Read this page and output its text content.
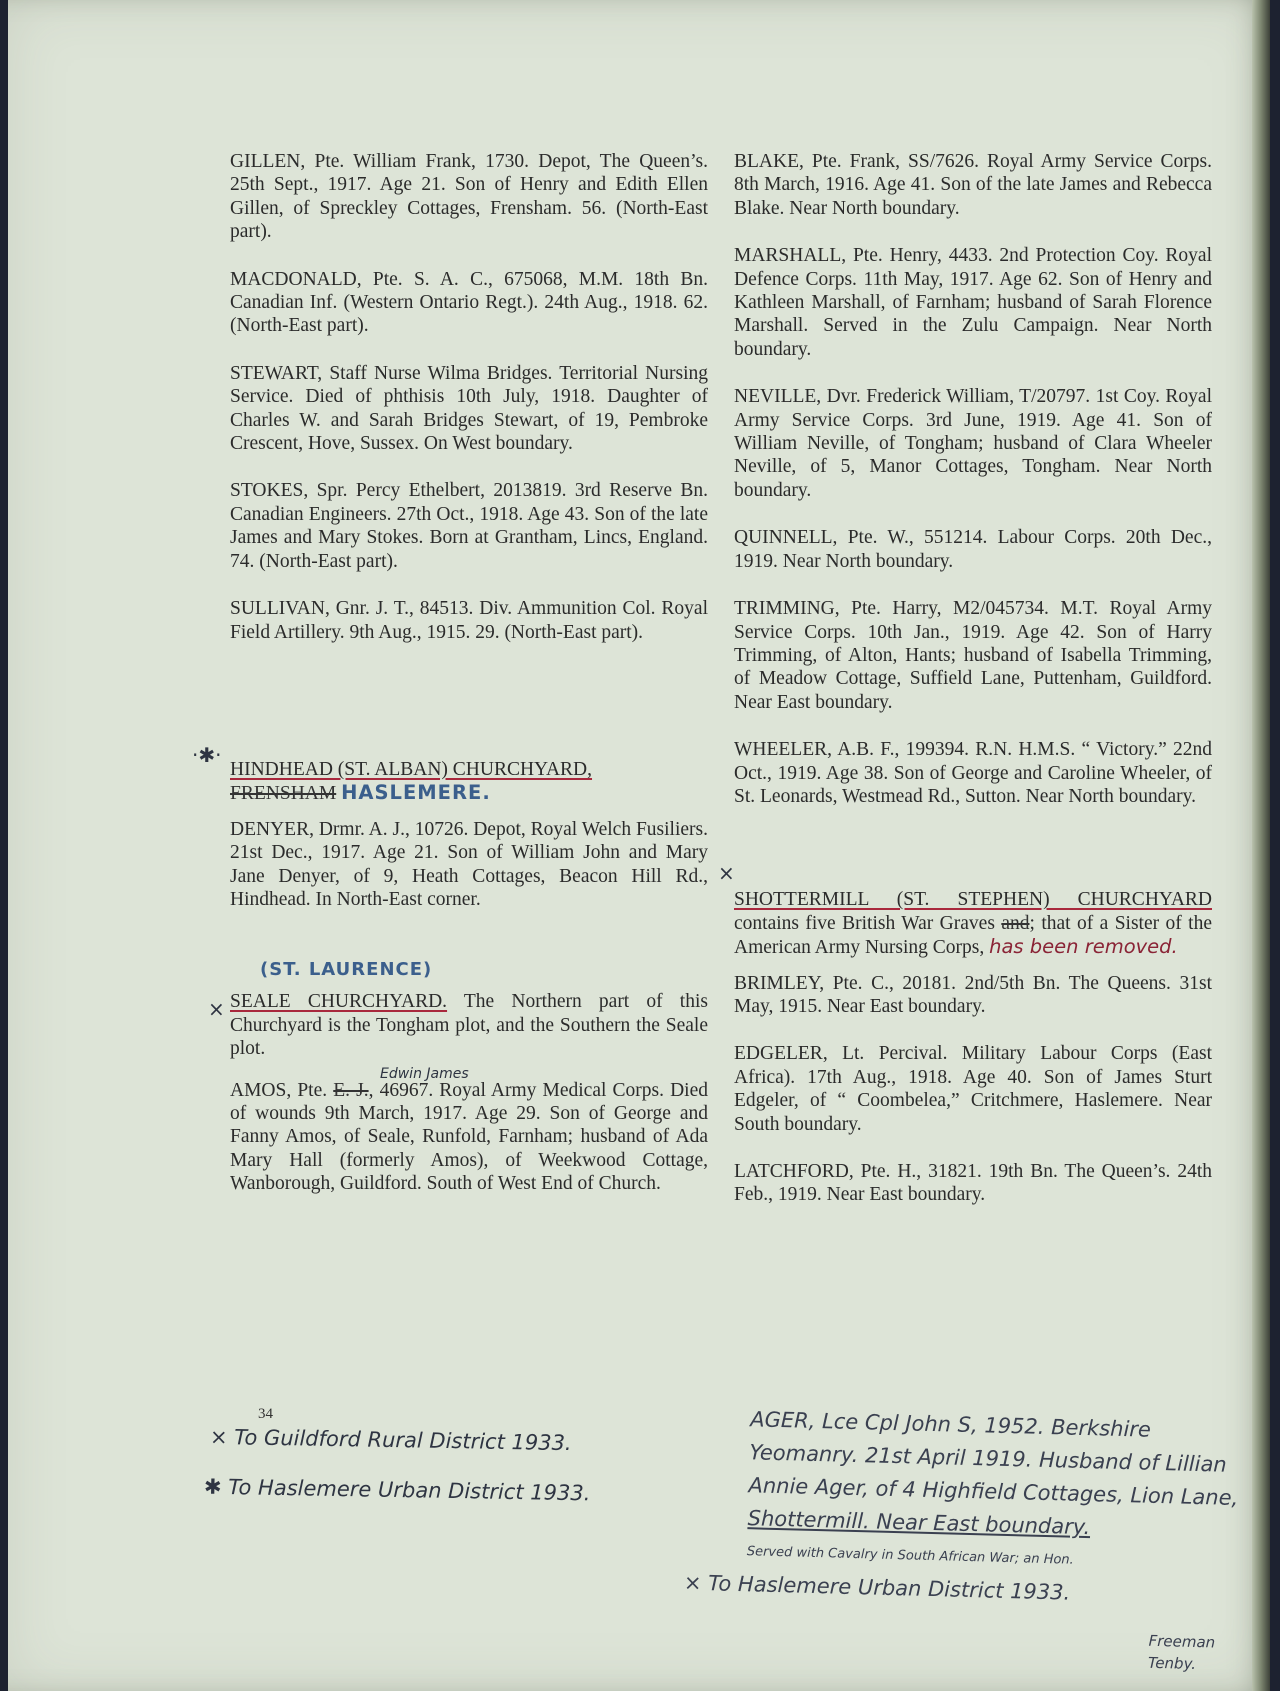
GILLEN, Pte. William Frank, 1730. Depot, The Queen’s. 25th Sept., 1917. Age 21. Son of Henry and Edith Ellen Gillen, of Spreckley Cottages, Frensham. 56. (North-East part).

MACDONALD, Pte. S. A. C., 675068, M.M. 18th Bn. Canadian Inf. (Western Ontario Regt.). 24th Aug., 1918. 62. (North-East part).

STEWART, Staff Nurse Wilma Bridges. Territorial Nursing Service. Died of phthisis 10th July, 1918. Daughter of Charles W. and Sarah Bridges Stewart, of 19, Pembroke Crescent, Hove, Sussex. On West boundary.

STOKES, Spr. Percy Ethelbert, 2013819. 3rd Reserve Bn. Canadian Engineers. 27th Oct., 1918. Age 43. Son of the late James and Mary Stokes. Born at Grantham, Lincs, England. 74. (North-East part).

SULLIVAN, Gnr. J. T., 84513. Div. Ammunition Col. Royal Field Artillery. 9th Aug., 1915. 29. (North-East part).

·✱·
HINDHEAD (ST. ALBAN) CHURCHYARD,
FRENSHAM HASLEMERE.

DENYER, Drmr. A. J., 10726. Depot, Royal Welch Fusiliers. 21st Dec., 1917. Age 21. Son of William John and Mary Jane Denyer, of 9, Heath Cottages, Beacon Hill Rd., Hindhead. In North-East corner.

×
(ST. LAURENCE)
SEALE CHURCHYARD. The Northern part of this Churchyard is the Tongham plot, and the Southern the Seale plot.

Edwin James
AMOS, Pte. E. J., 46967. Royal Army Medical Corps. Died of wounds 9th March, 1917. Age 29. Son of George and Fanny Amos, of Seale, Runfold, Farnham; husband of Ada Mary Hall (formerly Amos), of Weekwood Cottage, Wanborough, Guildford. South of West End of Church.

34
× To Guildford Rural District 1933.
✱ To Haslemere Urban District 1933.

BLAKE, Pte. Frank, SS/7626. Royal Army Service Corps. 8th March, 1916. Age 41. Son of the late James and Rebecca Blake. Near North boundary.

MARSHALL, Pte. Henry, 4433. 2nd Protection Coy. Royal Defence Corps. 11th May, 1917. Age 62. Son of Henry and Kathleen Marshall, of Farnham; husband of Sarah Florence Marshall. Served in the Zulu Campaign. Near North boundary.

NEVILLE, Dvr. Frederick William, T/20797. 1st Coy. Royal Army Service Corps. 3rd June, 1919. Age 41. Son of William Neville, of Tongham; husband of Clara Wheeler Neville, of 5, Manor Cottages, Tongham. Near North boundary.

QUINNELL, Pte. W., 551214. Labour Corps. 20th Dec., 1919. Near North boundary.

TRIMMING, Pte. Harry, M2/045734. M.T. Royal Army Service Corps. 10th Jan., 1919. Age 42. Son of Harry Trimming, of Alton, Hants; husband of Isabella Trimming, of Meadow Cottage, Suffield Lane, Puttenham, Guildford. Near East boundary.

WHEELER, A.B. F., 199394. R.N. H.M.S. “ Victory.” 22nd Oct., 1919. Age 38. Son of George and Caroline Wheeler, of St. Leonards, Westmead Rd., Sutton. Near North boundary.

×
SHOTTERMILL (ST. STEPHEN) CHURCHYARD contains five British War Graves and; that of a Sister of the American Army Nursing Corps, has been removed.

BRIMLEY, Pte. C., 20181. 2nd/5th Bn. The Queens. 31st May, 1915. Near East boundary.

EDGELER, Lt. Percival. Military Labour Corps (East Africa). 17th Aug., 1918. Age 40. Son of James Sturt Edgeler, of “ Coombelea,” Critchmere, Haslemere. Near South boundary.

LATCHFORD, Pte. H., 31821. 19th Bn. The Queen’s. 24th Feb., 1919. Near East boundary.

AGER, Lce Cpl John S, 1952. Berkshire
Yeomanry. 21st April 1919. Husband of Lillian
Annie Ager, of 4 Highfield Cottages, Lion Lane,
Shottermill. Near East boundary.
Served with Cavalry in South African War; an Hon.
× To Haslemere Urban District 1933.
Freeman Tenby.
